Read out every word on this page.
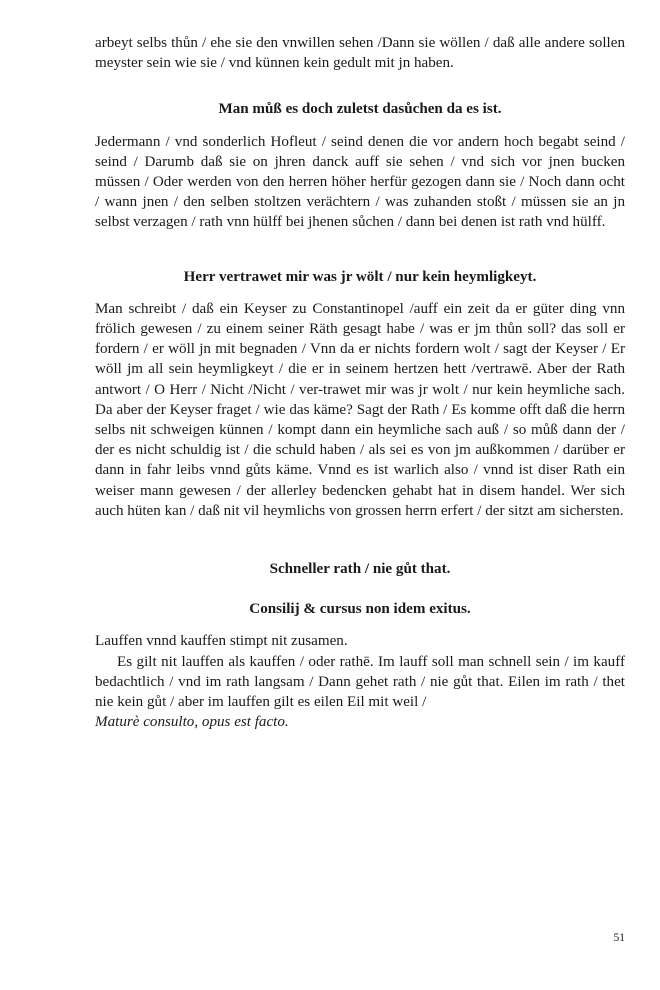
arbeyt selbs thůn / ehe sie den vnwillen sehen /Dann sie wöllen / daß alle andere sollen meyster sein wie sie / vnd künnen kein gedult mit jn haben.

Man můß es doch zuletst dasůchen da es ist.

Jedermann / vnd sonderlich Hofleut / seind denen die vor andern hoch begabt seind / seind / Darumb daß sie on jhren danck auff sie sehen / vnd sich vor jnen bucken müssen / Oder werden von den herren höher herfür gezogen dann sie / Noch dann ocht / wann jnen / den selben stoltzen verächtern / was zuhanden stoßt / müssen sie an jn selbst verzagen / rath vnn hülff bei jhenen sůchen / dann bei denen ist rath vnd hülff.

Herr vertrawet mir was jr wölt / nur kein heymligkeyt.

Man schreibt / daß ein Keyser zu Constantinopel /auff ein zeit da er güter ding vnn frölich gewesen / zu einem seiner Räth gesagt habe / was er jm thůn soll? das soll er fordern / er wöll jn mit begnaden / Vnn da er nichts fordern wolt / sagt der Keyser / Er wöll jm all sein heymligkeyt / die er in seinem hertzen hett /vertrawē. Aber der Rath antwort / O Herr / Nicht /Nicht / ver-trawet mir was jr wolt / nur kein heymliche sach. Da aber der Keyser fraget / wie das käme? Sagt der Rath / Es komme offt daß die herrn selbs nit schweigen künnen / kompt dann ein heymliche sach auß / so můß dann der / der es nicht schuldig ist / die schuld haben / als sei es von jm außkommen / darüber er dann in fahr leibs vnnd gůts käme. Vnnd es ist warlich also / vnnd ist diser Rath ein weiser mann gewesen / der allerley bedencken gehabt hat in disem handel. Wer sich auch hüten kan / daß nit vil heymlichs von grossen herrn erfert / der sitzt am sichersten.

Schneller rath / nie gůt that.
Consilij & cursus non idem exitus.

Lauffen vnnd kauffen stimpt nit zusamen.

Es gilt nit lauffen als kauffen / oder rathē. Im lauff soll man schnell sein / im kauff bedachtlich / vnd im rath langsam / Dann gehet rath / nie gůt that. Eilen im rath / thet nie kein gůt / aber im lauffen gilt es eilen Eil mit weil /
Maturè consulto, opus est facto.

51
